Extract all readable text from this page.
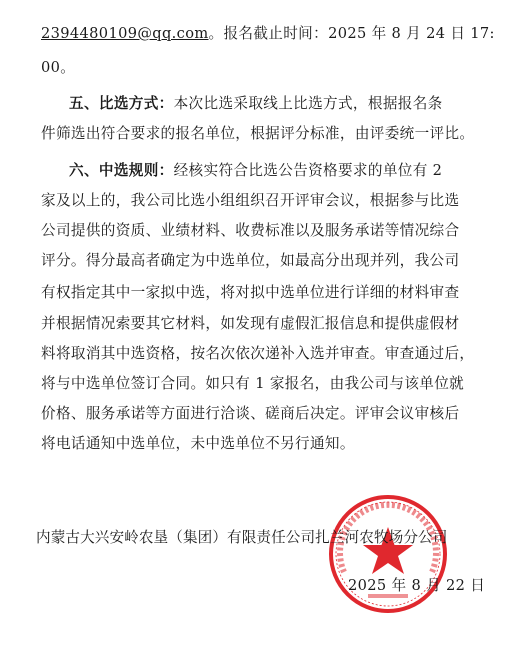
2394480109@qq.com。报名截止时间：2025 年 8 月 24 日 17:
00。
五、比选方式：本次比选采取线上比选方式，根据报名条
件筛选出符合要求的报名单位，根据评分标准，由评委统一评比。
六、中选规则：经核实符合比选公告资格要求的单位有 2
家及以上的，我公司比选小组组织召开评审会议，根据参与比选
公司提供的资质、业绩材料、收费标准以及服务承诺等情况综合
评分。得分最高者确定为中选单位，如最高分出现并列，我公司
有权指定其中一家拟中选，将对拟中选单位进行详细的材料审查
并根据情况索要其它材料，如发现有虚假汇报信息和提供虚假材
料将取消其中选资格，按名次依次递补入选并审查。审查通过后，
将与中选单位签订合同。如只有 1 家报名，由我公司与该单位就
价格、服务承诺等方面进行洽谈、磋商后决定。评审会议审核后
将电话通知中选单位，未中选单位不另行通知。
内蒙古大兴安岭农垦（集团）有限责任公司扎兰河农牧场分公司
2025 年 8 月 22 日
